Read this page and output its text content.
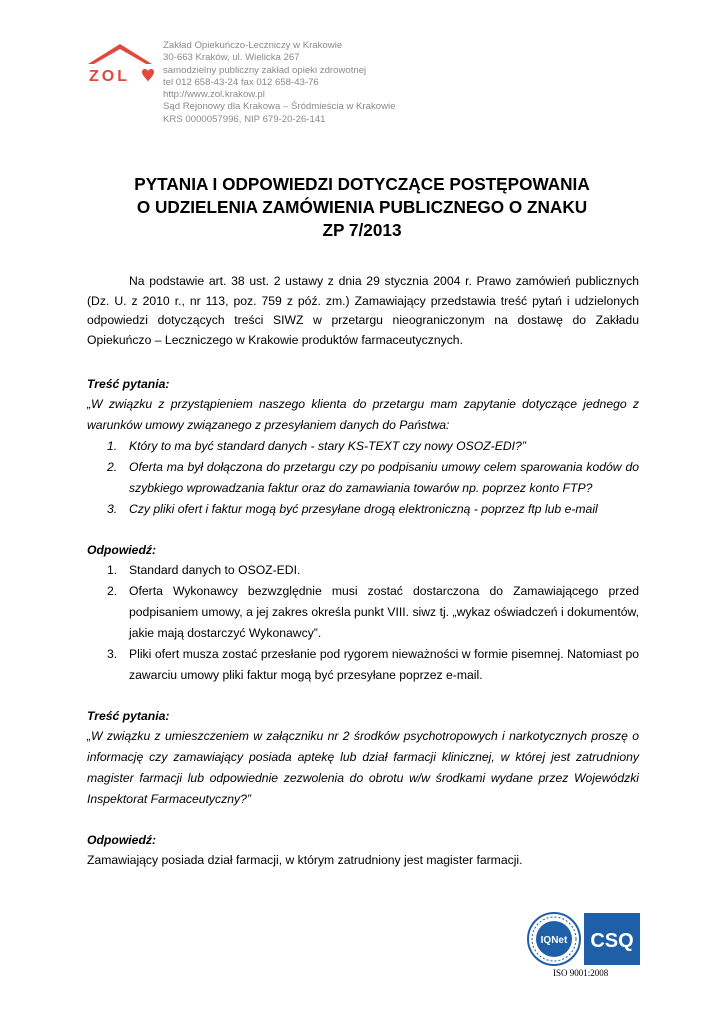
ZOL
Zakład Opiekuńczo-Leczniczy w Krakowie
30-663 Kraków, ul. Wielicka 267
samodzielny publiczny zakład opieki zdrowotnej
tel 012 658-43-24 fax 012 658-43-76
http://www.zol.krakow.pl
Sąd Rejonowy dla Krakowa – Śródmieścia w Krakowie
KRS 0000057996, NIP 679-20-26-141
PYTANIA I ODPOWIEDZI DOTYCZĄCE POSTĘPOWANIA
O UDZIELENIA ZAMÓWIENIA PUBLICZNEGO O ZNAKU
ZP 7/2013

Na podstawie art. 38 ust. 2 ustawy z dnia 29 stycznia 2004 r. Prawo zamówień publicznych (Dz. U. z 2010 r., nr 113, poz. 759 z póź. zm.) Zamawiający przedstawia treść pytań i udzielonych odpowiedzi dotyczących treści SIWZ w przetargu nieograniczonym na dostawę do Zakładu Opiekuńczo – Leczniczego w Krakowie produktów farmaceutycznych.

Treść pytania:

„W związku z przystąpieniem naszego klienta do przetargu mam zapytanie dotyczące jednego z warunków umowy związanego z przesyłaniem danych do Państwa:

1. Który to ma być standard danych - stary KS-TEXT czy nowy OSOZ-EDI?”
2. Oferta ma był dołączona do przetargu czy po podpisaniu umowy celem sparowania kodów do szybkiego wprowadzania faktur oraz do zamawiania towarów np. poprzez konto FTP?
3. Czy pliki ofert i faktur mogą być przesyłane drogą elektroniczną - poprzez ftp lub e-mail

Odpowiedź:

1. Standard danych to OSOZ-EDI.
2. Oferta Wykonawcy bezwzględnie musi zostać dostarczona do Zamawiającego przed podpisaniem umowy, a jej zakres określa punkt VIII. siwz tj. „wykaz oświadczeń i dokumentów, jakie mają dostarczyć Wykonawcy”.
3. Pliki ofert musza zostać przesłanie pod rygorem nieważności w formie pisemnej. Natomiast po zawarciu umowy pliki faktur mogą być przesyłane poprzez e-mail.

Treść pytania:

„W związku z umieszczeniem w załączniku nr 2 środków psychotropowych i narkotycznych proszę o informację czy zamawiający posiada aptekę lub dział farmacji klinicznej, w której jest zatrudniony magister farmacji lub odpowiednie zezwolenia do obrotu w/w środkami wydane przez Wojewódzki Inspektorat Farmaceutyczny?”

Odpowiedź:

Zamawiający posiada dział farmacji, w którym zatrudniony jest magister farmacji.

IQNet CSQ
ISO 9001:2008
